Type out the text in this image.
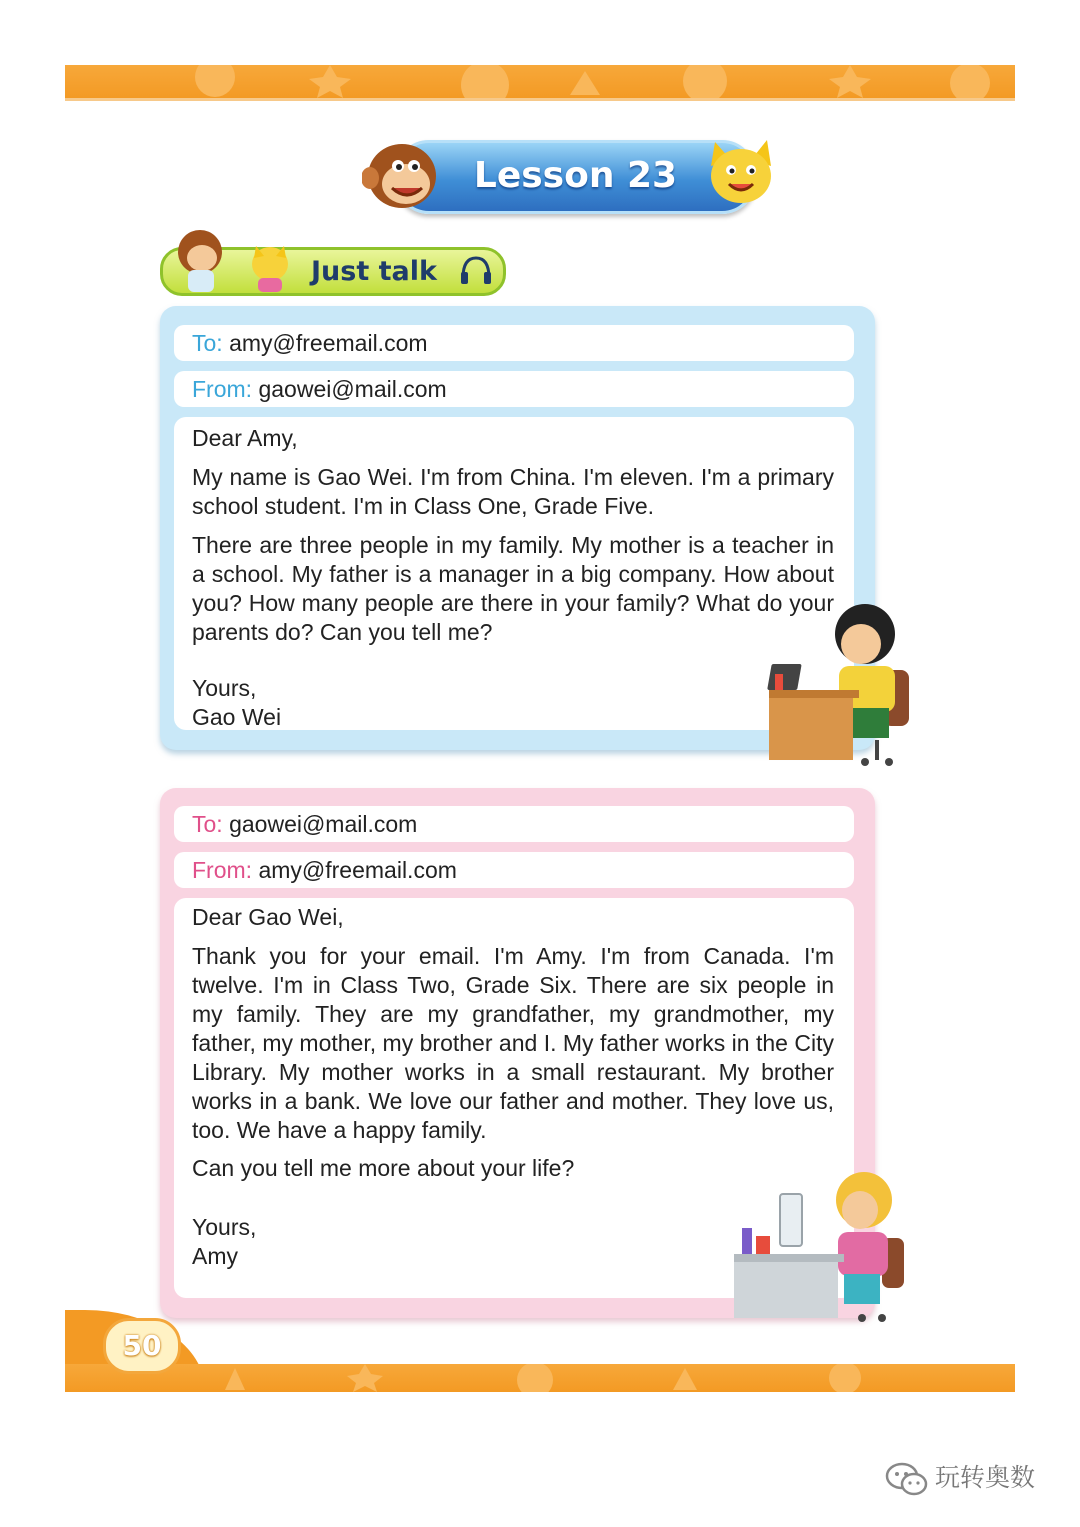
Lesson 23
Just talk
To: amy@freemail.com
From: gaowei@mail.com
Dear Amy,

My name is Gao Wei. I'm from China. I'm eleven. I'm a primary school student. I'm in Class One, Grade Five.

There are three people in my family. My mother is a teacher in a school. My father is a manager in a big company. How about you? How many people are there in your family? What do your parents do? Can you tell me?

Yours,
Gao Wei
To: gaowei@mail.com
From: amy@freemail.com
Dear Gao Wei,

Thank you for your email. I'm Amy. I'm from Canada. I'm twelve. I'm in Class Two, Grade Six. There are six people in my family. They are my grandfather, my grandmother, my father, my mother, my brother and I. My father works in the City Library. My mother works in a small restaurant. My brother works in a bank. We love our father and mother. They love us, too. We have a happy family.

Can you tell me more about your life?

Yours,
Amy
50
玩转奥数
